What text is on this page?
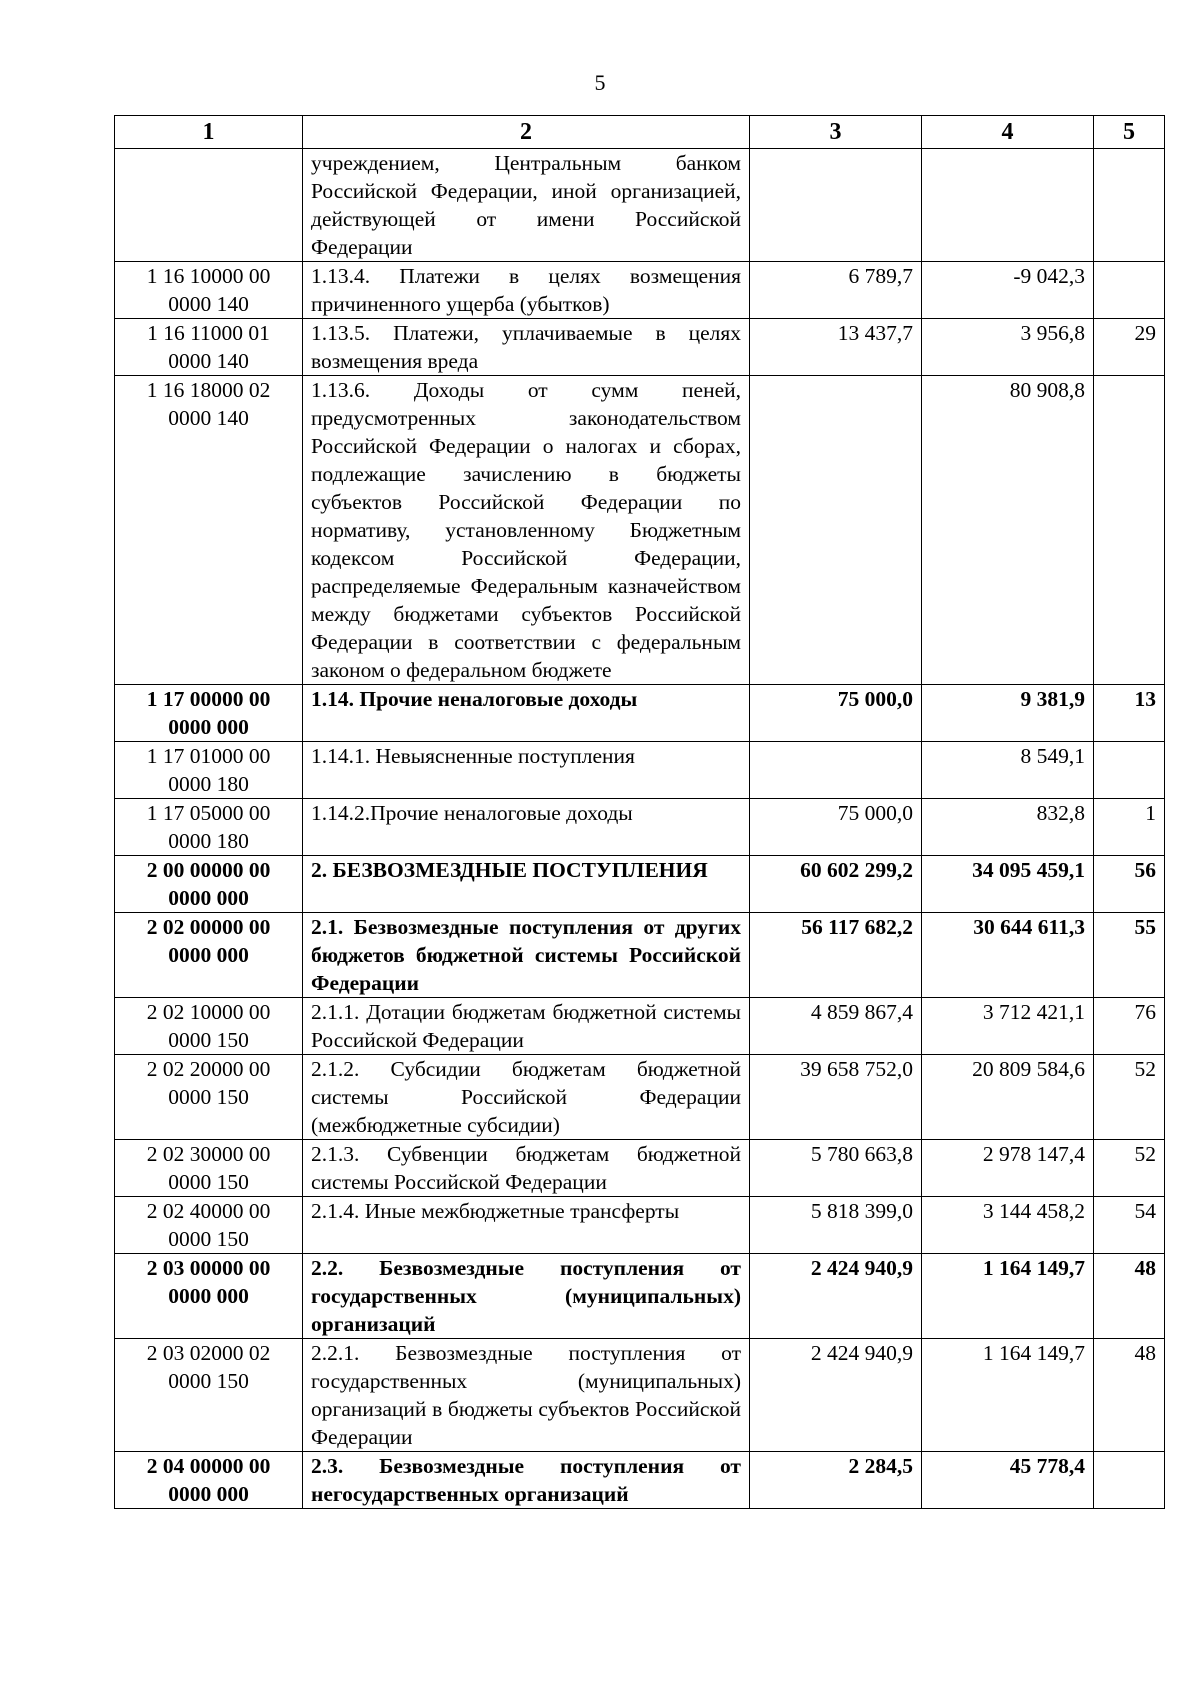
5
1	2	3	4	5
	учреждением, Центральным банком Российской Федерации, иной организацией, действующей от имени Российской Федерации			
1 16 10000 00 0000 140	1.13.4. Платежи в целях возмещения причиненного ущерба (убытков)	6 789,7	-9 042,3	
1 16 11000 01 0000 140	1.13.5. Платежи, уплачиваемые в целях возмещения вреда	13 437,7	3 956,8	29
1 16 18000 02 0000 140	1.13.6. Доходы от сумм пеней, предусмотренных законодательством Российской Федерации о налогах и сборах, подлежащие зачислению в бюджеты субъектов Российской Федерации по нормативу, установленному Бюджетным кодексом Российской Федерации, распределяемые Федеральным казначейством между бюджетами субъектов Российской Федерации в соответствии с федеральным законом о федеральном бюджете		80 908,8	
1 17 00000 00 0000 000	1.14. Прочие неналоговые доходы	75 000,0	9 381,9	13
1 17 01000 00 0000 180	1.14.1. Невыясненные поступления		8 549,1	
1 17 05000 00 0000 180	1.14.2.Прочие неналоговые доходы	75 000,0	832,8	1
2 00 00000 00 0000 000	2. БЕЗВОЗМЕЗДНЫЕ ПОСТУПЛЕНИЯ	60 602 299,2	34 095 459,1	56
2 02 00000 00 0000 000	2.1. Безвозмездные поступления от других бюджетов бюджетной системы Российской Федерации	56 117 682,2	30 644 611,3	55
2 02 10000 00 0000 150	2.1.1. Дотации бюджетам бюджетной системы Российской Федерации	4 859 867,4	3 712 421,1	76
2 02 20000 00 0000 150	2.1.2. Субсидии бюджетам бюджетной системы Российской Федерации (межбюджетные субсидии)	39 658 752,0	20 809 584,6	52
2 02 30000 00 0000 150	2.1.3. Субвенции бюджетам бюджетной системы Российской Федерации	5 780 663,8	2 978 147,4	52
2 02 40000 00 0000 150	2.1.4. Иные межбюджетные трансферты	5 818 399,0	3 144 458,2	54
2 03 00000 00 0000 000	2.2. Безвозмездные поступления от государственных (муниципальных) организаций	2 424 940,9	1 164 149,7	48
2 03 02000 02 0000 150	2.2.1. Безвозмездные поступления от государственных (муниципальных) организаций в бюджеты субъектов Российской Федерации	2 424 940,9	1 164 149,7	48
2 04 00000 00 0000 000	2.3. Безвозмездные поступления от негосударственных организаций	2 284,5	45 778,4	
